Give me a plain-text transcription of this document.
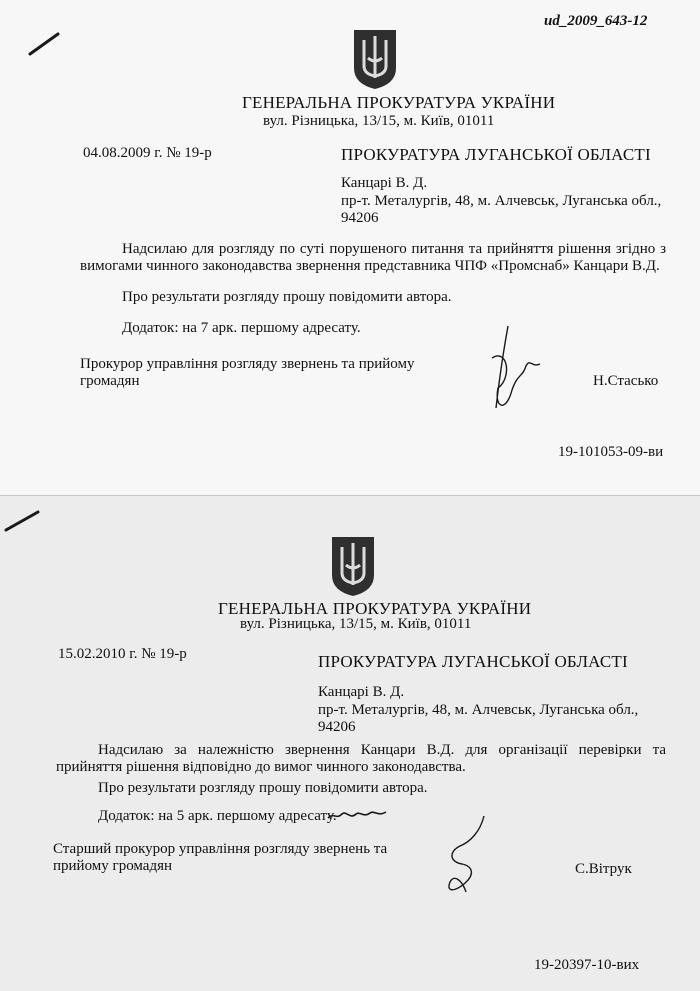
ud_2009_643-12
ГЕНЕРАЛЬНА ПРОКУРАТУРА УКРАЇНИ
вул. Різницька, 13/15, м. Київ, 01011
04.08.2009 г. № 19-р	ПРОКУРАТУРА ЛУГАНСЬКОЇ ОБЛАСТІ
Канцарі В. Д.
пр-т. Металургів, 48, м. Алчевськ, Луганська обл.,
94206
Надсилаю для розгляду по суті порушеного питання та прийняття рішення згідно з вимогами чинного законодавства звернення представника ЧПФ «Промснаб» Канцари В.Д.
Про результати розгляду прошу повідомити автора.
Додаток: на 7 арк. першому адресату.
Прокурор управління розгляду звернень та прийому
громадян	Н.Стасько
19-101053-09-ви
ГЕНЕРАЛЬНА ПРОКУРАТУРА УКРАЇНИ
вул. Різницька, 13/15, м. Київ, 01011
15.02.2010 г. № 19-р	ПРОКУРАТУРА ЛУГАНСЬКОЇ ОБЛАСТІ
Канцарі В. Д.
пр-т. Металургів, 48, м. Алчевськ, Луганська обл.,
94206
Надсилаю за належністю звернення Канцари В.Д. для організації перевірки та прийняття рішення відповідно до вимог чинного законодавства.
Про результати розгляду прошу повідомити автора.
Додаток: на 5 арк. першому адресату.
Старший прокурор управління розгляду звернень та
прийому громадян	С.Вітрук
19-20397-10-вих
